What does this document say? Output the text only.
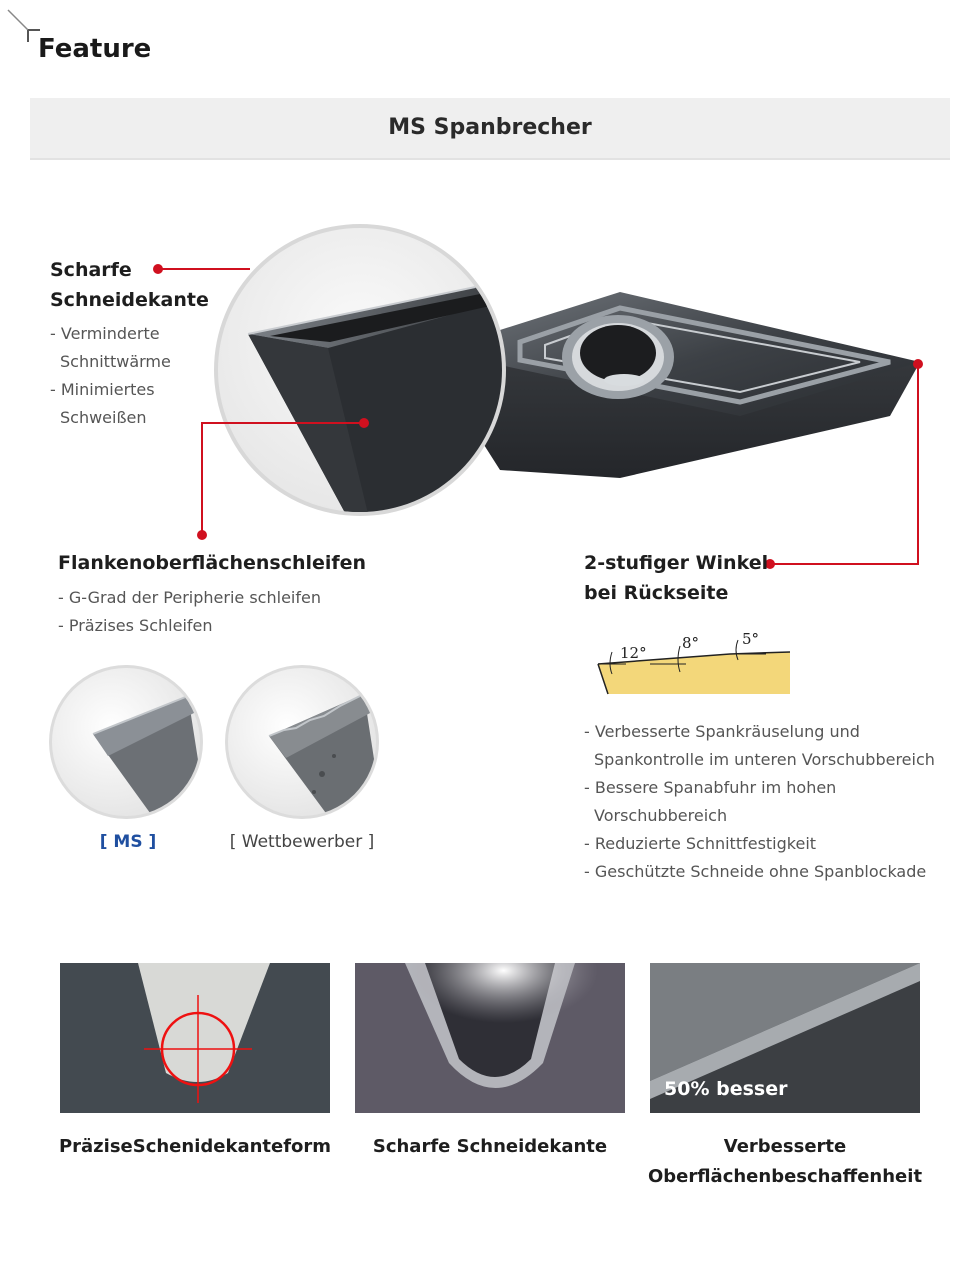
Feature
MS Spanbrecher
Scharfe
Schneidekante
- Verminderte
Schnittwärme
- Minimiertes
Schweißen
Flankenoberflächenschleifen
- G-Grad der Peripherie schleifen
- Präzises Schleifen
[ MS ]	[ Wettbewerber ]
2-stufiger Winkel
bei Rückseite
12°
8°	5°
- Verbesserte Spankräuselung und
Spankontrolle im unteren Vorschubbereich
- Bessere Spanabfuhr im hohen
Vorschubbereich
- Reduzierte Schnittfestigkeit
- Geschützte Schneide ohne Spanblockade
50% besser
PräziseSchenidekanteform	Scharfe Schneidekante	Verbesserte
Oberflächenbeschaffenheit
